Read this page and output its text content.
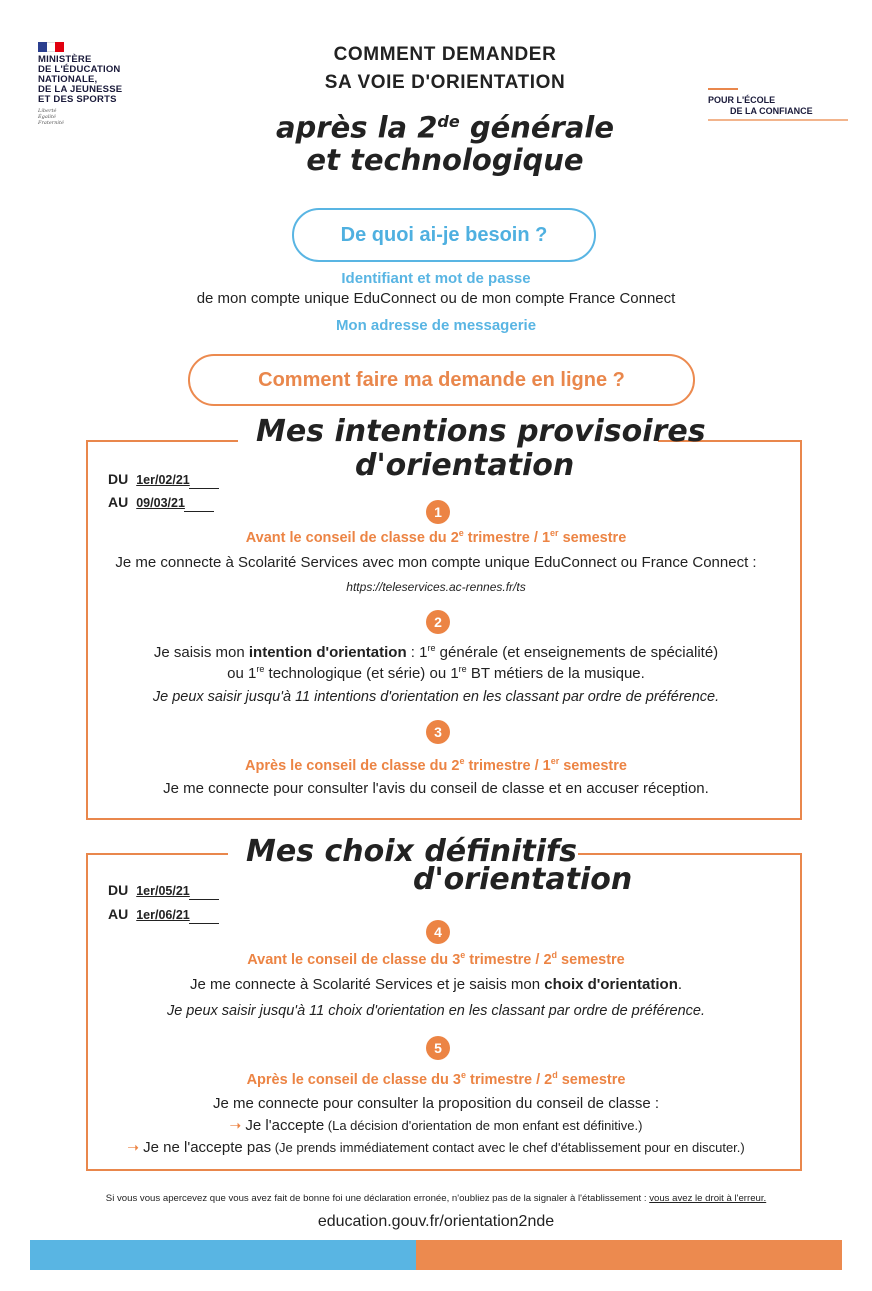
MINISTÈRE
DE L'ÉDUCATION
NATIONALE,
DE LA JEUNESSE
ET DES SPORTS
Liberté
Égalité
Fraternité
POUR L'ÉCOLE
DE LA CONFIANCE
COMMENT DEMANDER
SA VOIE D'ORIENTATION
après la 2de générale
et technologique
De quoi ai-je besoin ?
Identifiant et mot de passe
de mon compte unique EduConnect ou de mon compte France Connect
Mon adresse de messagerie
Comment faire ma demande en ligne ?
Mes intentions provisoires
d'orientation
DU 1er/02/21
AU 09/03/21
1
Avant le conseil de classe du 2e trimestre / 1er semestre
Je me connecte à Scolarité Services avec mon compte unique EduConnect ou France Connect :
https://teleservices.ac-rennes.fr/ts
2
Je saisis mon intention d'orientation : 1re générale (et enseignements de spécialité)
ou 1re technologique (et série) ou 1re BT métiers de la musique.
Je peux saisir jusqu'à 11 intentions d'orientation en les classant par ordre de préférence.
3
Après le conseil de classe du 2e trimestre / 1er semestre
Je me connecte pour consulter l'avis du conseil de classe et en accuser réception.
Mes choix définitifs
d'orientation
DU 1er/05/21
AU 1er/06/21
4
Avant le conseil de classe du 3e trimestre / 2$^d$ semestre
Je me connecte à Scolarité Services et je saisis mon choix d'orientation.
Je peux saisir jusqu'à 11 choix d'orientation en les classant par ordre de préférence.
5
Après le conseil de classe du 3e trimestre / 2$^d$ semestre
Je me connecte pour consulter la proposition du conseil de classe :
➝ Je l'accepte (La décision d'orientation de mon enfant est définitive.)
➝ Je ne l'accepte pas (Je prends immédiatement contact avec le chef d'établissement pour en discuter.)
Si vous vous apercevez que vous avez fait de bonne foi une déclaration erronée, n'oubliez pas de la signaler à l'établissement : vous avez le droit à l'erreur.
education.gouv.fr/orientation2nde
